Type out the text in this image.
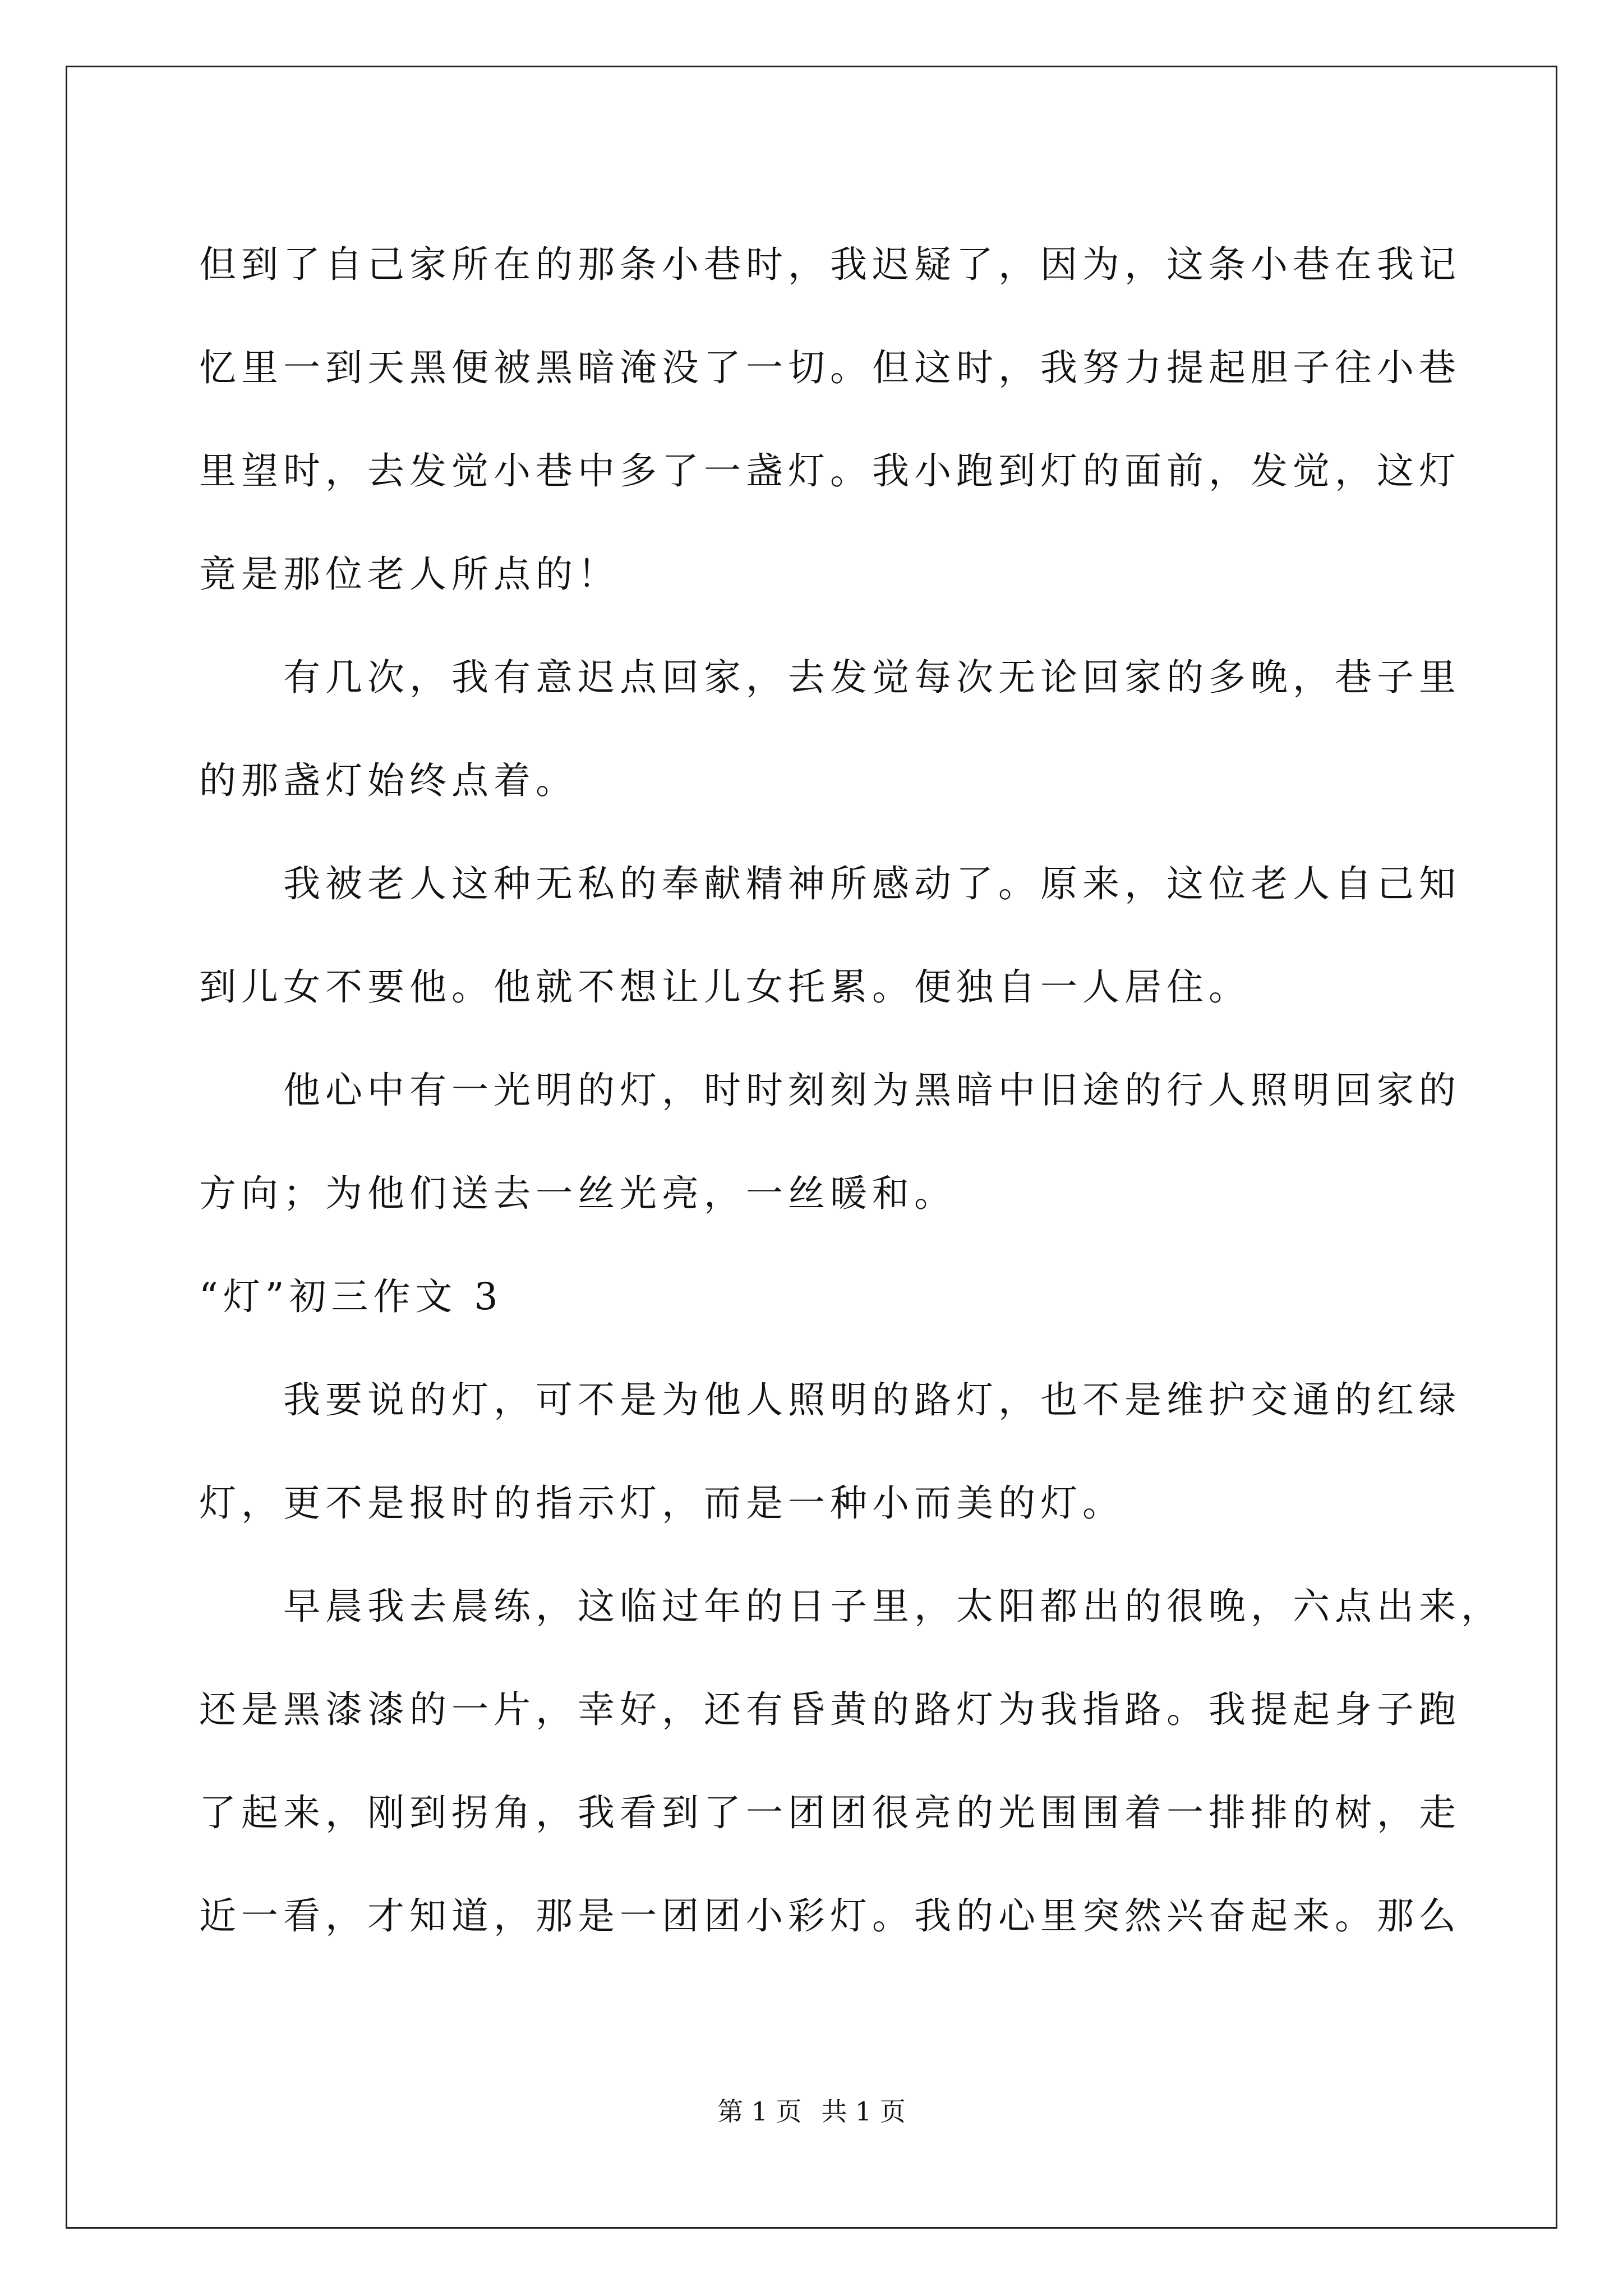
但到了自己家所在的那条小巷时，我迟疑了，因为，这条小巷在我记
忆里一到天黑便被黑暗淹没了一切。但这时，我努力提起胆子往小巷
里望时，去发觉小巷中多了一盏灯。我小跑到灯的面前，发觉，这灯
竟是那位老人所点的！

有几次，我有意迟点回家，去发觉每次无论回家的多晚，巷子里
的那盏灯始终点着。

我被老人这种无私的奉献精神所感动了。原来，这位老人自己知
到儿女不要他。他就不想让儿女托累。便独自一人居住。

他心中有一光明的灯，时时刻刻为黑暗中旧途的行人照明回家的
方向；为他们送去一丝光亮，一丝暖和。

“灯”初三作文 3

我要说的灯，可不是为他人照明的路灯，也不是维护交通的红绿
灯，更不是报时的指示灯，而是一种小而美的灯。

早晨我去晨练，这临过年的日子里，太阳都出的很晚，六点出来，
还是黑漆漆的一片，幸好，还有昏黄的路灯为我指路。我提起身子跑
了起来，刚到拐角，我看到了一团团很亮的光围围着一排排的树，走
近一看，才知道，那是一团团小彩灯。我的心里突然兴奋起来。那么

第 1 页 共 1 页
